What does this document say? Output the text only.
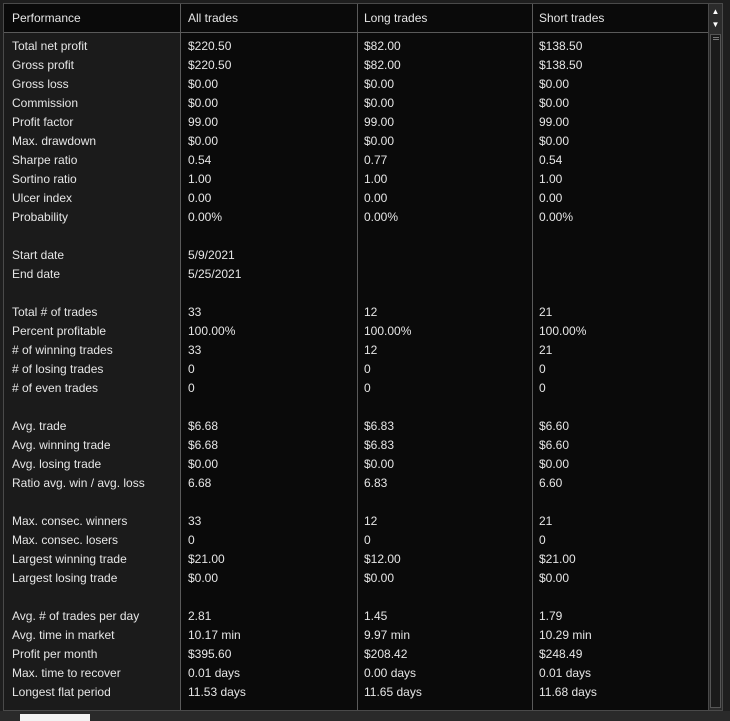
Performance	All trades	Long trades	Short trades
Total net profit	$220.50	$82.00	$138.50
Gross profit	$220.50	$82.00	$138.50
Gross loss	$0.00	$0.00	$0.00
Commission	$0.00	$0.00	$0.00
Profit factor	99.00	99.00	99.00
Max. drawdown	$0.00	$0.00	$0.00
Sharpe ratio	0.54	0.77	0.54
Sortino ratio	1.00	1.00	1.00
Ulcer index	0.00	0.00	0.00
Probability	0.00%	0.00%	0.00%
Start date	5/9/2021
End date	5/25/2021
Total # of trades	33	12	21
Percent profitable	100.00%	100.00%	100.00%
# of winning trades	33	12	21
# of losing trades	0	0	0
# of even trades	0	0	0
Avg. trade	$6.68	$6.83	$6.60
Avg. winning trade	$6.68	$6.83	$6.60
Avg. losing trade	$0.00	$0.00	$0.00
Ratio avg. win / avg. loss	6.68	6.83	6.60
Max. consec. winners	33	12	21
Max. consec. losers	0	0	0
Largest winning trade	$21.00	$12.00	$21.00
Largest losing trade	$0.00	$0.00	$0.00
Avg. # of trades per day	2.81	1.45	1.79
Avg. time in market	10.17 min	9.97 min	10.29 min
Profit per month	$395.60	$208.42	$248.49
Max. time to recover	0.01 days	0.00 days	0.01 days
Longest flat period	11.53 days	11.65 days	11.68 days
▲
▼
